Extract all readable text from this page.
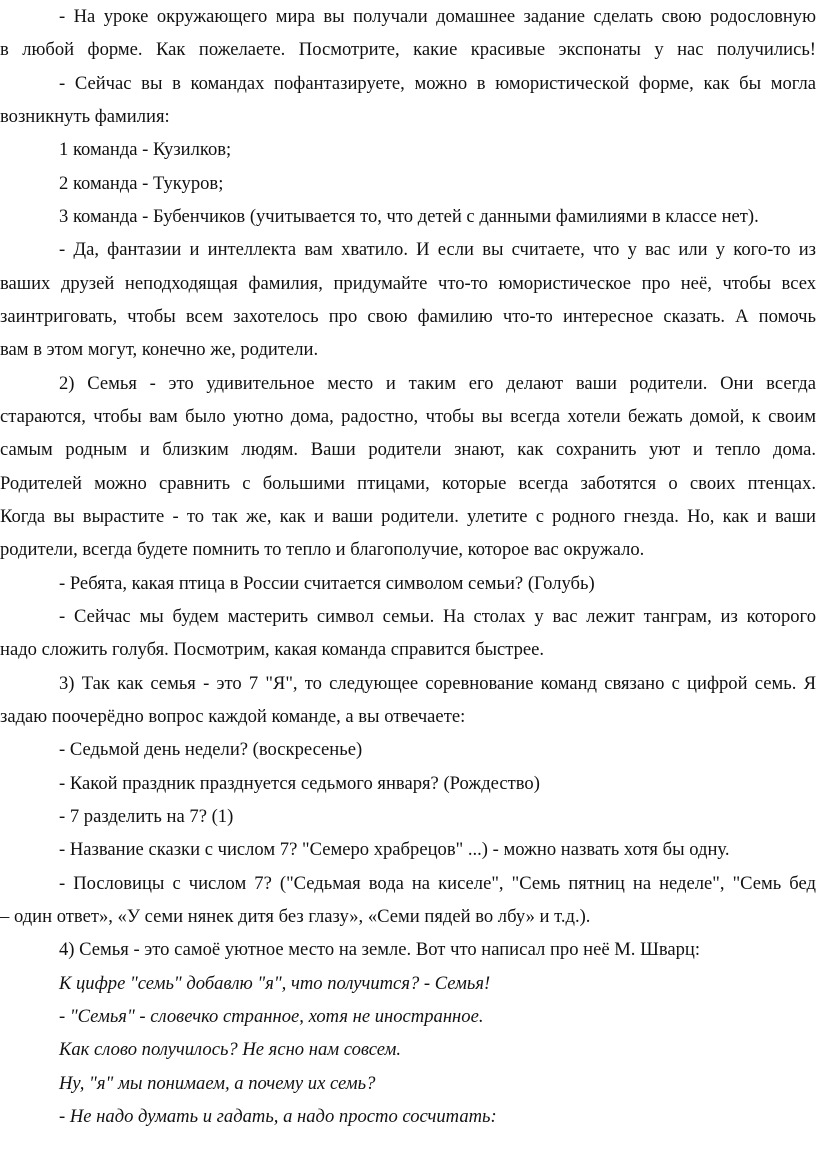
- На уроке окружающего мира вы получали домашнее задание сделать свою родословную
в любой форме. Как пожелаете. Посмотрите, какие красивые экспонаты у нас получились!
- Сейчас вы в командах пофантазируете, можно в юмористической форме, как бы могла
возникнуть фамилия:
1 команда - Кузилков;
2 команда - Тукуров;
3 команда - Бубенчиков (учитывается то, что детей с данными фамилиями в классе нет).
- Да, фантазии и интеллекта вам хватило. И если вы считаете, что у вас или у кого-то из
ваших друзей неподходящая фамилия, придумайте что-то юмористическое про неё, чтобы всех
заинтриговать, чтобы всем захотелось про свою фамилию что-то интересное сказать. А помочь
вам в этом могут, конечно же, родители.
2) Семья - это удивительное место и таким его делают ваши родители. Они всегда
стараются, чтобы вам было уютно дома, радостно, чтобы вы всегда хотели бежать домой, к своим
самым родным и близким людям. Ваши родители знают, как сохранить уют и тепло дома.
Родителей можно сравнить с большими птицами, которые всегда заботятся о своих птенцах.
Когда вы вырастите - то так же, как и ваши родители. улетите с родного гнезда. Но, как и ваши
родители, всегда будете помнить то тепло и благополучие, которое вас окружало.
- Ребята, какая птица в России считается символом семьи? (Голубь)
- Сейчас мы будем мастерить символ семьи. На столах у вас лежит танграм, из которого
надо сложить голубя. Посмотрим, какая команда справится быстрее.
3) Так как семья - это 7 "Я", то следующее соревнование команд связано с цифрой семь. Я
задаю поочерёдно вопрос каждой команде, а вы отвечаете:
- Седьмой день недели? (воскресенье)
- Какой праздник празднуется седьмого января? (Рождество)
- 7 разделить на 7? (1)
- Название сказки с числом 7? "Семеро храбрецов" ...) - можно назвать хотя бы одну.
- Пословицы с числом 7? ("Седьмая вода на киселе", "Семь пятниц на неделе", "Семь бед
– один ответ», «У семи нянек дитя без глазу», «Семи пядей во лбу» и т.д.).
4) Семья - это самоё уютное место на земле. Вот что написал про неё М. Шварц:
К цифре "семь" добавлю "я", что получится? - Семья!
- "Семья" - словечко странное, хотя не иностранное.
Как слово получилось? Не ясно нам совсем.
Ну, "я" мы понимаем, а почему их семь?
- Не надо думать и гадать, а надо просто сосчитать:
